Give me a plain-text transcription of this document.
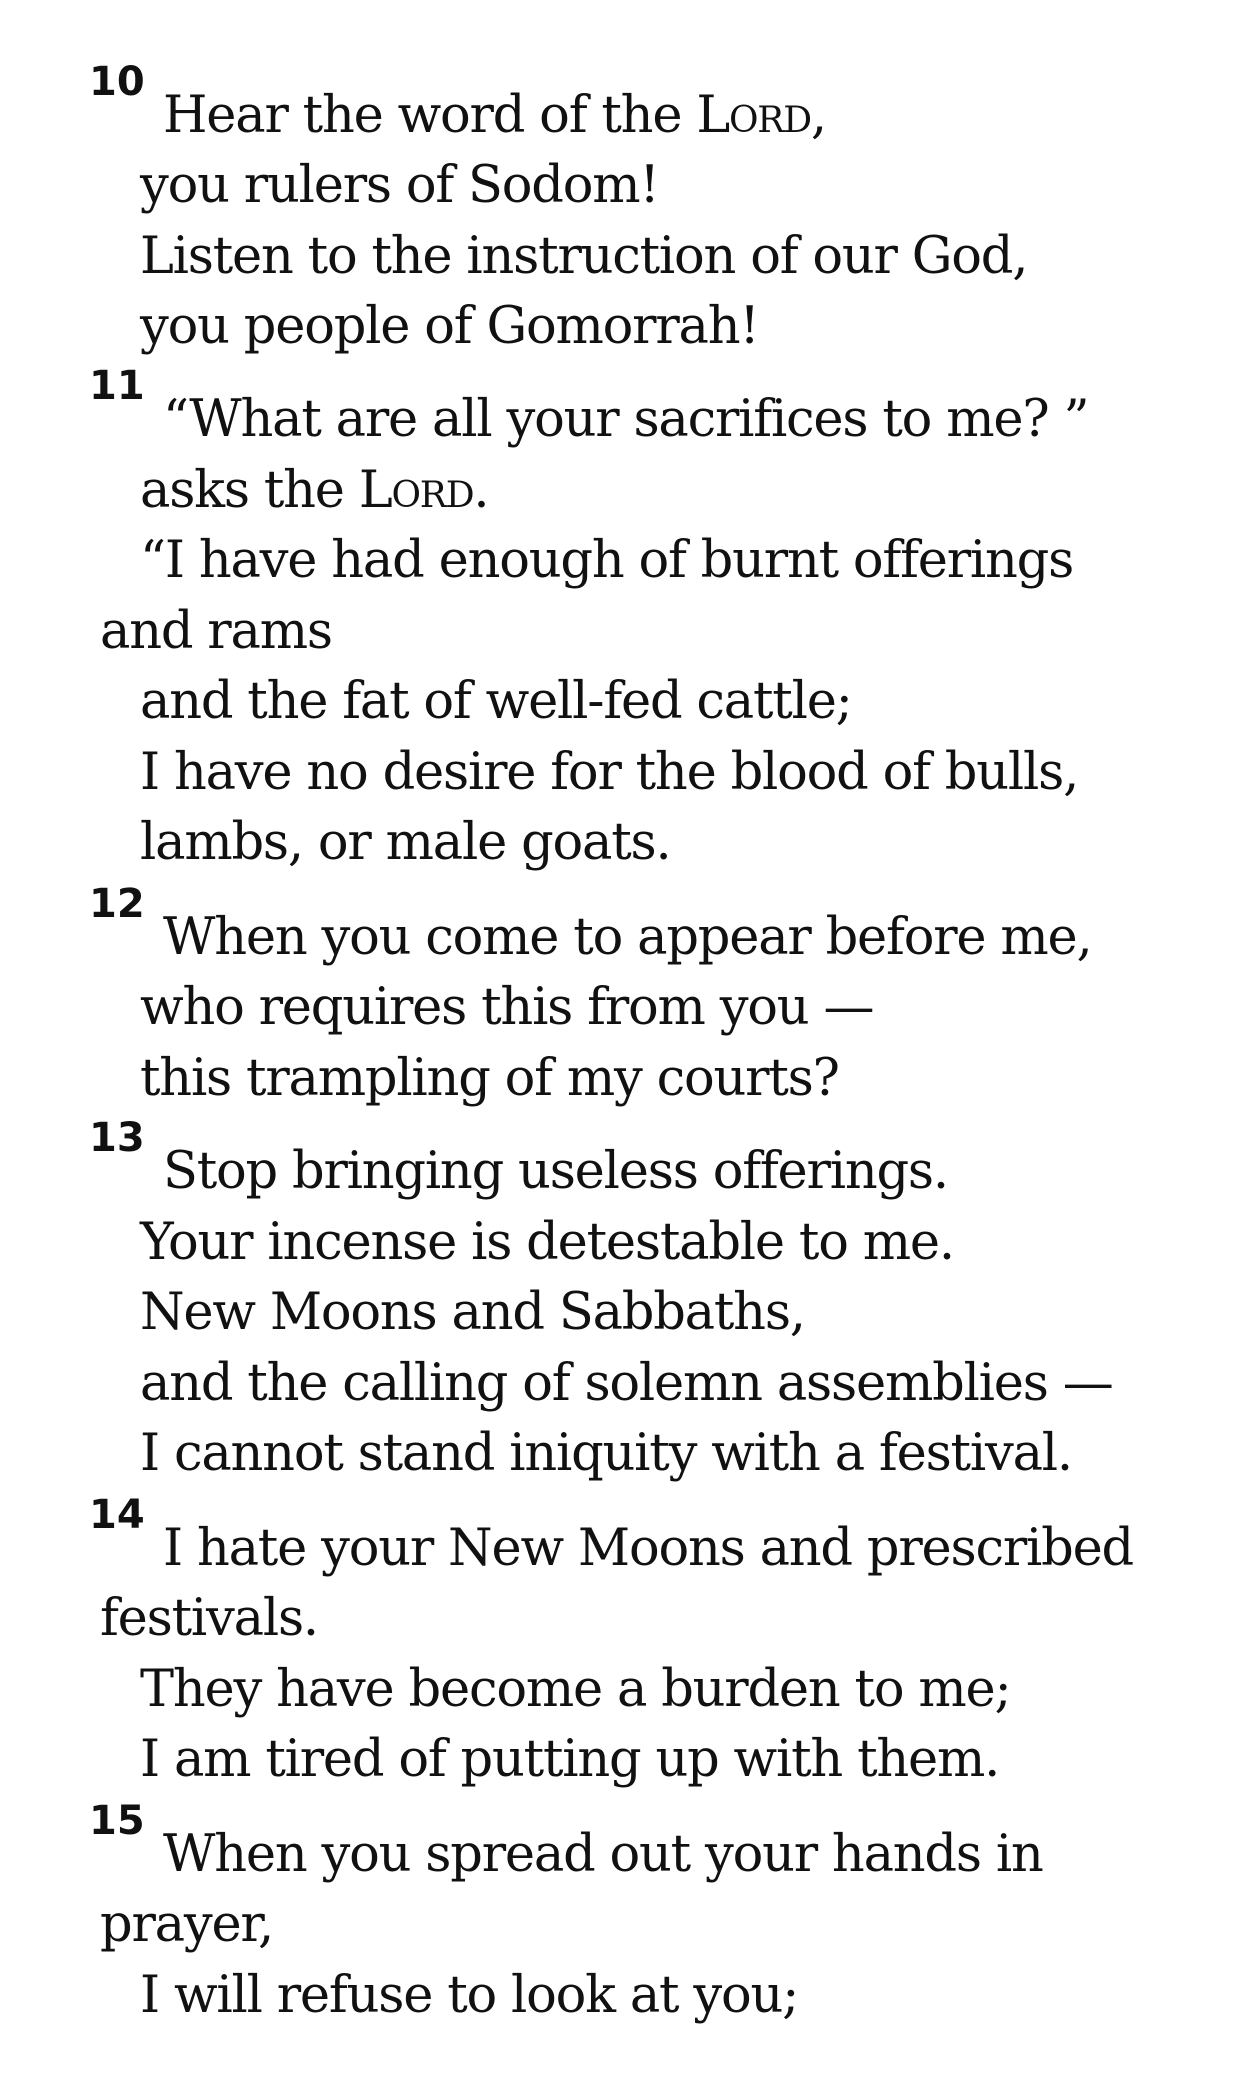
10
Hear the word of the Lord,
you rulers of Sodom!
Listen to the instruction of our God,
you people of Gomorrah!
11
“What are all your sacrifices to me? ”
asks the Lord.
“I have had enough of burnt offerings
and rams
and the fat of well-fed cattle;
I have no desire for the blood of bulls,
lambs, or male goats.
12
When you come to appear before me,
who requires this from you —
this trampling of my courts?
13
Stop bringing useless offerings.
Your incense is detestable to me.
New Moons and Sabbaths,
and the calling of solemn assemblies —
I cannot stand iniquity with a festival.
14
I hate your New Moons and prescribed
festivals.
They have become a burden to me;
I am tired of putting up with them.
15
When you spread out your hands in
prayer,
I will refuse to look at you;
